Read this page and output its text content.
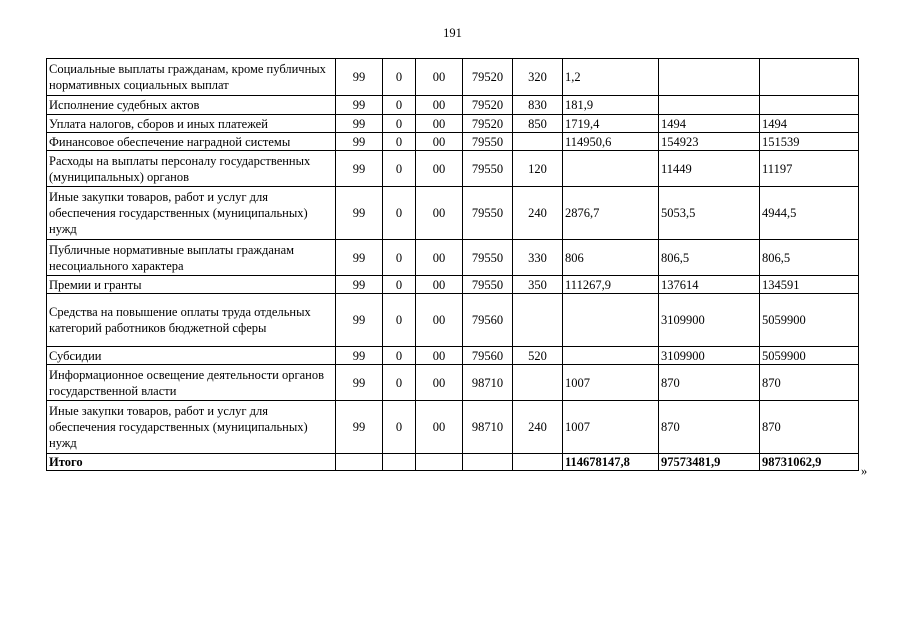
191
Социальные выплаты гражданам, кроме публичных нормативных социальных выплат	99	0	00	79520	320	1,2		
Исполнение судебных актов	99	0	00	79520	830	181,9		
Уплата налогов, сборов и иных платежей	99	0	00	79520	850	1719,4	1494	1494
Финансовое обеспечение наградной системы	99	0	00	79550		114950,6	154923	151539
Расходы на выплаты персоналу государственных (муниципальных) органов	99	0	00	79550	120		11449	11197
Иные закупки товаров, работ и услуг для обеспечения государственных (муниципальных) нужд	99	0	00	79550	240	2876,7	5053,5	4944,5
Публичные нормативные выплаты гражданам несоциального характера	99	0	00	79550	330	806	806,5	806,5
Премии и гранты	99	0	00	79550	350	111267,9	137614	134591
Средства на повышение оплаты труда отдельных категорий работников бюджетной сферы	99	0	00	79560			3109900	5059900
Субсидии	99	0	00	79560	520		3109900	5059900
Информационное освещение деятельности органов государственной власти	99	0	00	98710		1007	870	870
Иные закупки товаров, работ и услуг для обеспечения государственных (муниципальных) нужд	99	0	00	98710	240	1007	870	870
Итого						114678147,8	97573481,9	98731062,9
»
